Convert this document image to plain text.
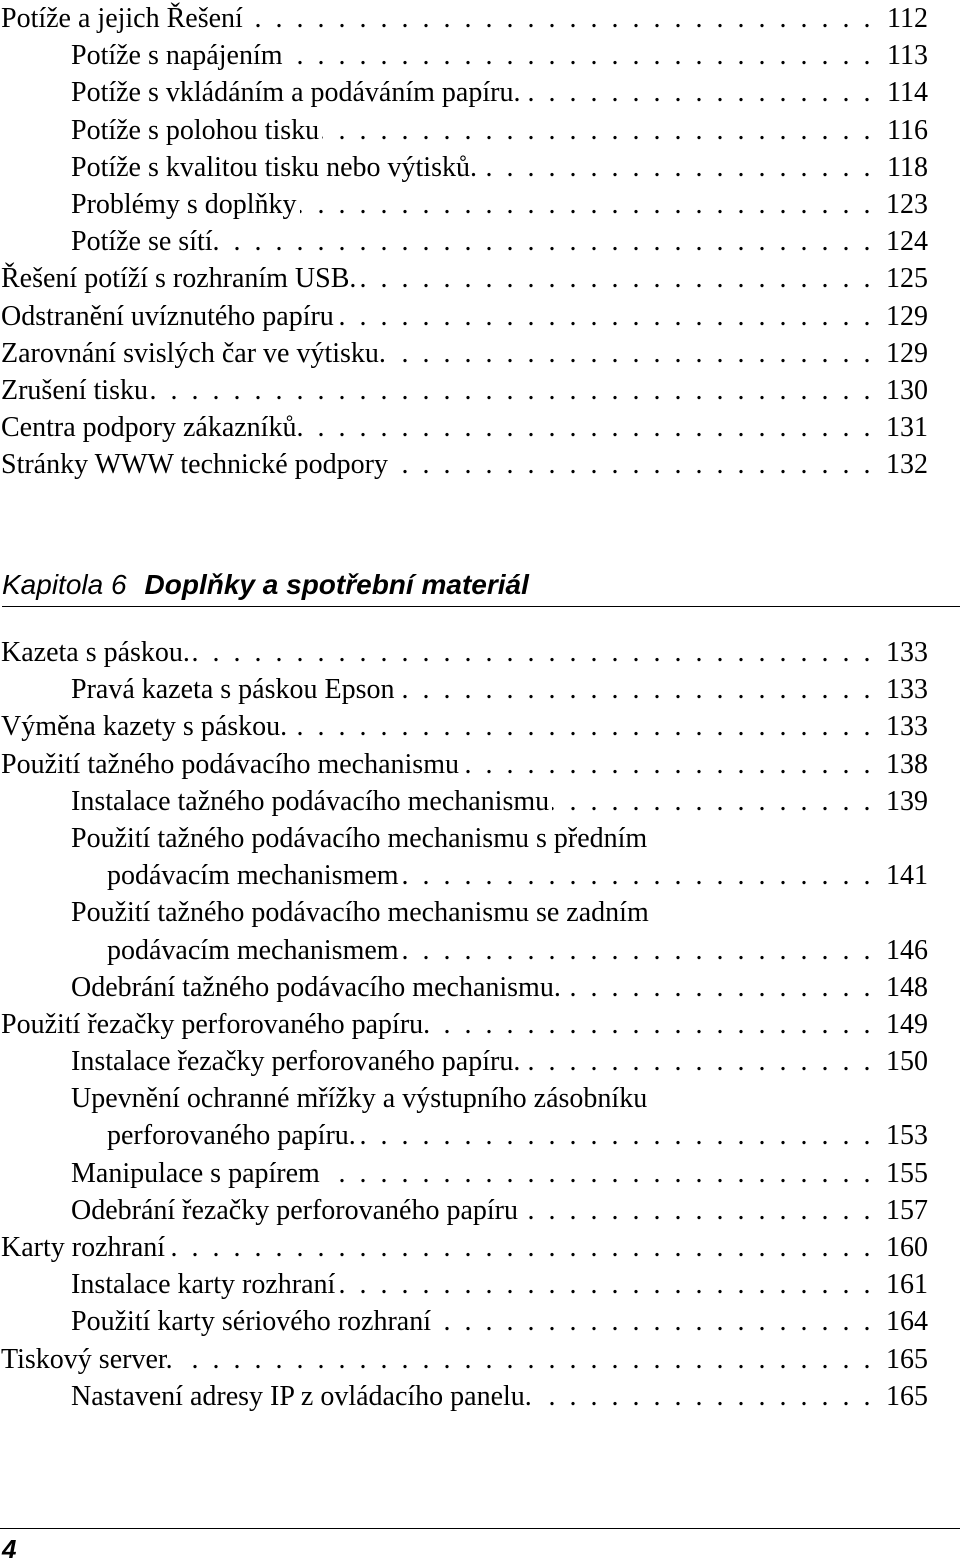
Potíže a jejich Řešení . . .	112
Potíže s napájením . . .	113
Potíže s vkládáním a podáváním papíru. . . .	114
Potíže s polohou tisku . . .	116
Potíže s kvalitou tisku nebo výtisků. . . .	118
Problémy s doplňky . . .	123
Potíže se sítí. . . .	124
Řešení potíží s rozhraním USB. . . .	125
Odstranění uvíznutého papíru . . .	129
Zarovnání svislých čar ve výtisku. . . .	129
Zrušení tisku . . .	130
Centra podpory zákazníků. . . .	131
Stránky WWW technické podpory . . .	132
Kapitola 6 Doplňky a spotřební materiál
Kazeta s páskou. . . .	133
Pravá kazeta s páskou Epson . . .	133
Výměna kazety s páskou. . . .	133
Použití tažného podávacího mechanismu . . .	138
Instalace tažného podávacího mechanismu . . .	139
Použití tažného podávacího mechanismu s předním
podávacím mechanismem . . .	141
Použití tažného podávacího mechanismu se zadním
podávacím mechanismem . . .	146
Odebrání tažného podávacího mechanismu. . . .	148
Použití řezačky perforovaného papíru. . . .	149
Instalace řezačky perforovaného papíru. . . .	150
Upevnění ochranné mřížky a výstupního zásobníku
perforovaného papíru. . . .	153
Manipulace s papírem . . .	155
Odebrání řezačky perforovaného papíru . . .	157
Karty rozhraní . . .	160
Instalace karty rozhraní . . .	161
Použití karty sériového rozhraní . . .	164
Tiskový server. . . .	165
Nastavení adresy IP z ovládacího panelu. . . .	165
4
